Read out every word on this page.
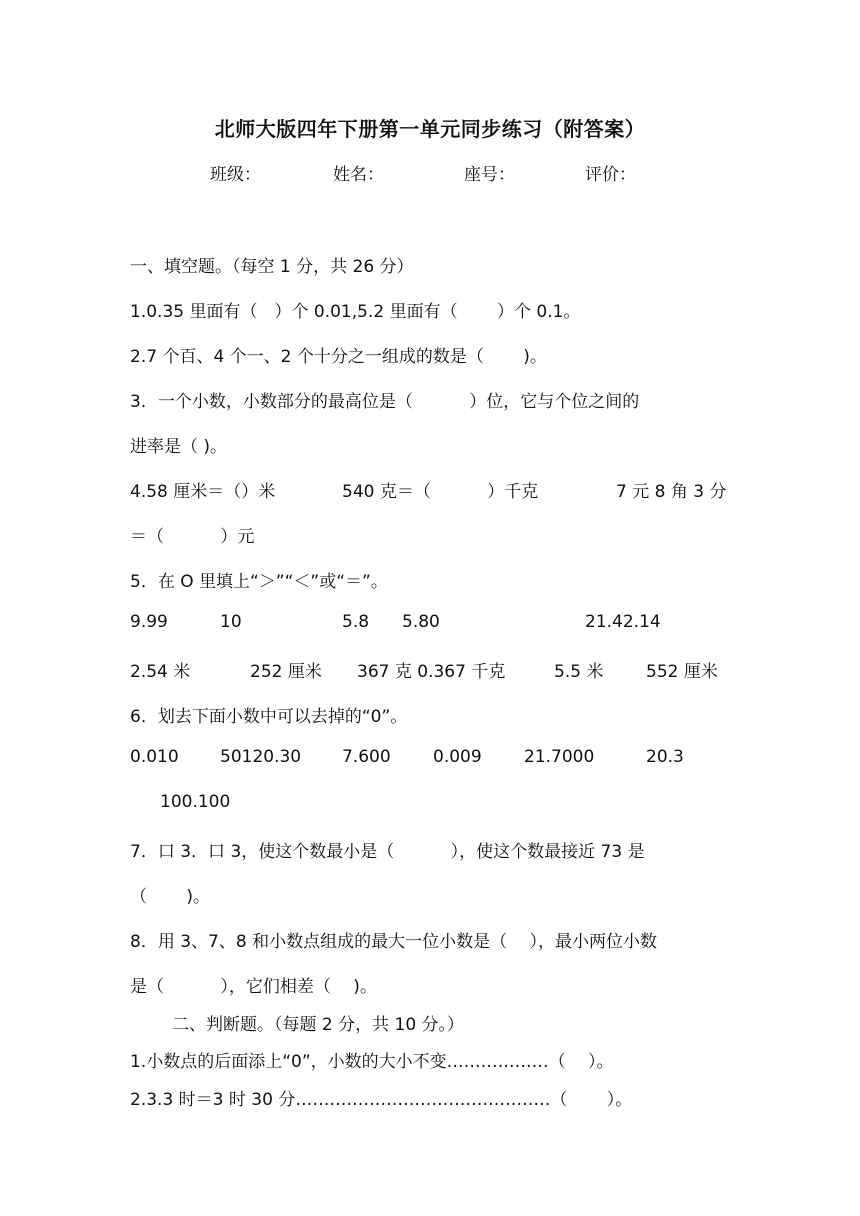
北师大版四年下册第一单元同步练习（附答案）
班级：	姓名：	座号：	评价：
一、填空题。（每空 1 分，共 26 分）
1.0.35 里面有（　）个 0.01,5.2 里面有（　　 ）个 0.1。
2.7 个百、4 个一、2 个十分之一组成的数是（　　 )。
3．一个小数，小数部分的最高位是（　　　 ）位，它与个位之间的
进率是（ )。
4.58 厘米＝（）米	540 克＝（　　　 ）千克	7 元 8 角 3 分
＝（　　　 ）元
5．在 O 里填上“＞”“＜”或“＝”。
9.99	10	5.8 5.80	21.42.14
2.54 米	252 厘米 367 克 0.367 千克	5.5 米	552 厘米
6．划去下面小数中可以去掉的“0”。
0.010 50120.30 7.600 0.009 21.7000	20.3
100.100
7．口 3．口 3，使这个数最小是（　　　 ），使这个数最接近 73 是
（　　 )。
8．用 3、7、8 和小数点组成的最大一位小数是（　 ），最小两位小数
是（　　　 ），它们相差（　 )。
二、判断题。（每题 2 分，共 10 分。）
1.小数点的后面添上“0”，小数的大小不变………………（　 ）。
2.3.3 时＝3 时 30 分………………………………………（　　 ）。
